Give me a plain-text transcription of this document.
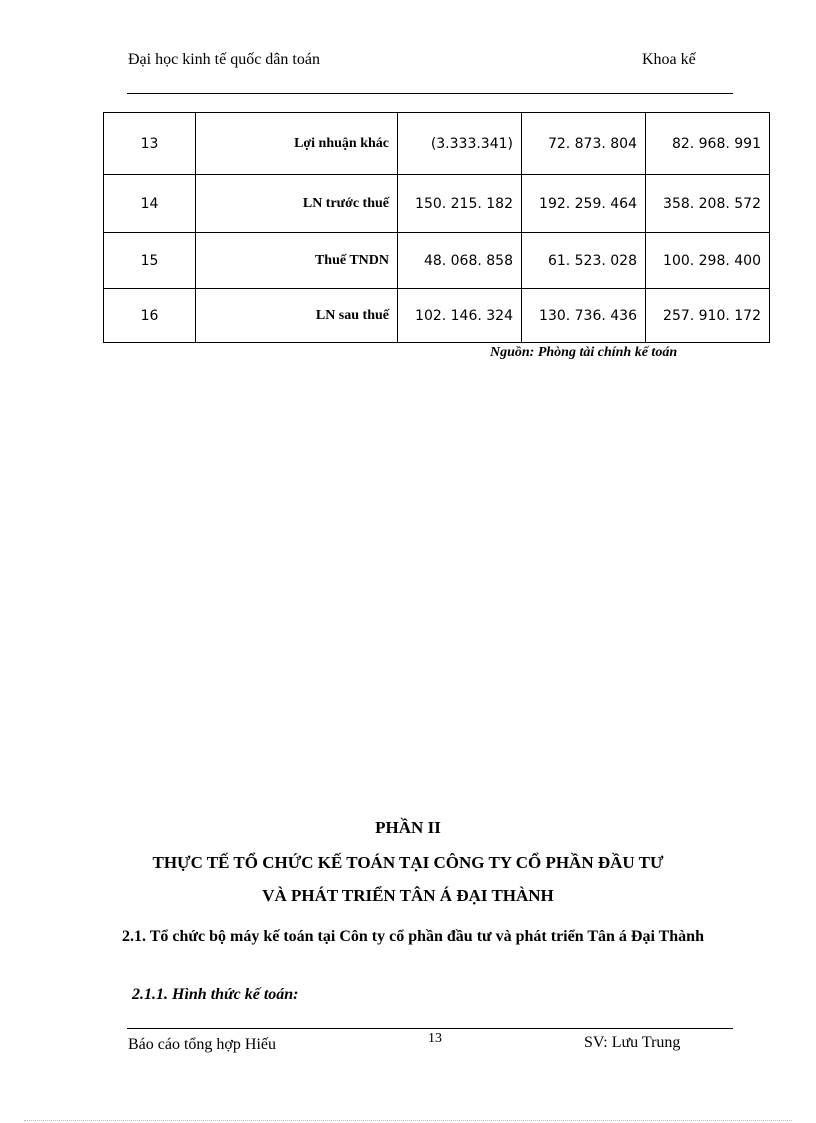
Đại học kinh tế quốc dân toán	Khoa kế
13	Lợi nhuận khác	(3.333.341)	72. 873. 804	82. 968. 991
14	LN trước thuế	150. 215. 182	192. 259. 464	358. 208. 572
15	Thuế TNDN	48. 068. 858	61. 523. 028	100. 298. 400
16	LN sau thuế	102. 146. 324	130. 736. 436	257. 910. 172
Nguồn: Phòng tài chính kế toán
PHẦN II
THỰC TẾ TỔ CHỨC KẾ TOÁN TẠI CÔNG TY CỔ PHẦN ĐẦU TƯ
VÀ PHÁT TRIỂN TÂN Á ĐẠI THÀNH
2.1. Tổ chức bộ máy kế toán tại Côn ty cổ phần đầu tư và phát triển Tân á Đại Thành
2.1.1. Hình thức kế toán:
Báo cáo tổng hợp Hiếu	13	SV: Lưu Trung
